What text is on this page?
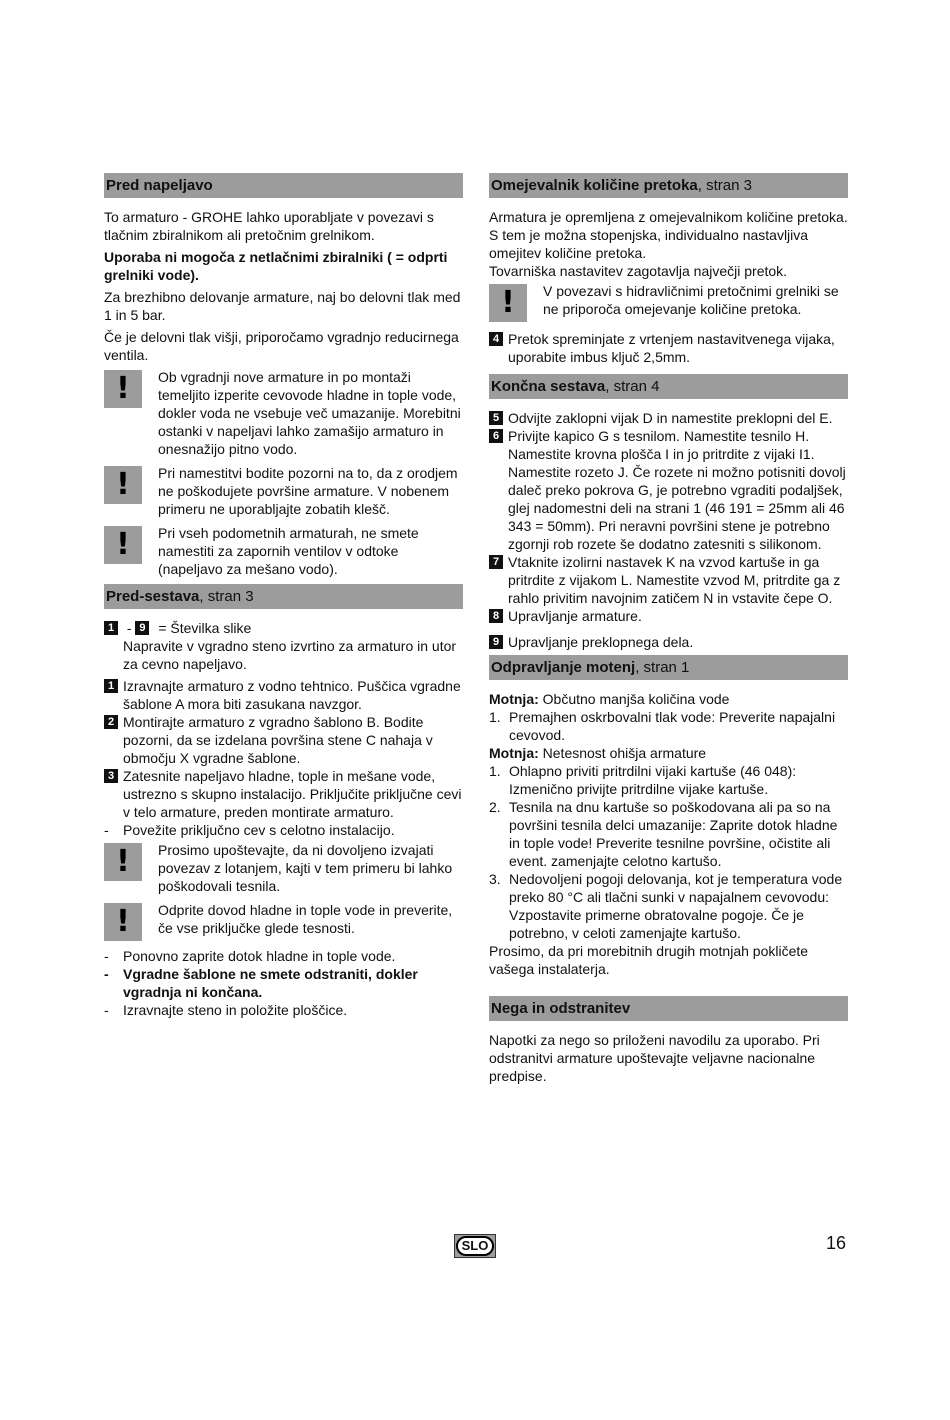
Pred napeljavo

To armaturo - GROHE lahko uporabljate v povezavi s tlačnim zbiralnikom ali pretočnim grelnikom.

Uporaba ni mogoča z netlačnimi zbiralniki ( = odprti grelniki vode).

Za brezhibno delovanje armature, naj bo delovni tlak med 1 in 5 bar.

Če je delovni tlak višji, priporočamo vgradnjo reducirnega ventila.

! Ob vgradnji nove armature in po montaži temeljito izperite cevovode hladne in tople vode, dokler voda ne vsebuje več umazanije. Morebitni ostanki v napeljavi lahko zamašijo armaturo in onesnažijo pitno vodo.
! Pri namestitvi bodite pozorni na to, da z orodjem ne poškodujete površine armature. V nobenem primeru ne uporabljajte zobatih klešč.
! Pri vseh podometnih armaturah, ne smete namestiti za zapornih ventilov v odtoke (napeljavo za mešano vodo).
Pred-sestava, stran 3
1 - 9 = Številka slike

Napravite v vgradno steno izvrtino za armaturo in utor za cevno napeljavo.

1 Izravnajte armaturo z vodno tehtnico. Puščica vgradne šablone A mora biti zasukana navzgor.
2 Montirajte armaturo z vgradno šablono B. Bodite pozorni, da se izdelana površina stene C nahaja v območju X vgradne šablone.
3 Zatesnite napeljavo hladne, tople in mešane vode, ustrezno s skupno instalacijo. Priključite priključne cevi v telo armature, preden montirate armaturo.
-	Povežite priključno cev s celotno instalacijo.
! Prosimo upoštevajte, da ni dovoljeno izvajati povezav z lotanjem, kajti v tem primeru bi lahko poškodovali tesnila.
! Odprite dovod hladne in tople vode in preverite, če vse priključke glede tesnosti.
-	Ponovno zaprite dotok hladne in tople vode.
-	Vgradne šablone ne smete odstraniti, dokler vgradnja ni končana.
-	Izravnajte steno in položite ploščice.
Omejevalnik količine pretoka, stran 3

Armatura je opremljena z omejevalnikom količine pretoka. S tem je možna stopenjska, individualno nastavljiva omejitev količine pretoka.

Tovarniška nastavitev zagotavlja največji pretok.

! V povezavi s hidravličnimi pretočnimi grelniki se ne priporoča omejevanje količine pretoka.
4 Pretok spreminjate z vrtenjem nastavitvenega vijaka, uporabite imbus ključ 2,5mm.
Končna sestava, stran 4
5 Odvijte zaklopni vijak D in namestite preklopni del E.
6 Privijte kapico G s tesnilom. Namestite tesnilo H. Namestite krovna plošča I in jo pritrdite z vijaki I1. Namestite rozeto J. Če rozete ni možno potisniti dovolj daleč preko pokrova G, je potrebno vgraditi podaljšek, glej nadomestni deli na strani 1 (46 191 = 25mm ali 46 343 = 50mm). Pri neravni površini stene je potrebno zgornji rob rozete še dodatno zatesniti s silikonom.
7 Vtaknite izolirni nastavek K na vzvod kartuše in ga pritrdite z vijakom L. Namestite vzvod M, pritrdite ga z rahlo privitim navojnim zatičem N in vstavite čepe O.
8 Upravljanje armature.
9 Upravljanje preklopnega dela.
Odpravljanje motenj, stran 1

Motnja: Občutno manjša količina vode

1. Premajhen oskrbovalni tlak vode: Preverite napajalni cevovod.

Motnja: Netesnost ohišja armature

1. Ohlapno priviti pritrdilni vijaki kartuše (46 048): Izmenično privijte pritrdilne vijake kartuše.
2. Tesnila na dnu kartuše so poškodovana ali pa so na površini tesnila delci umazanije: Zaprite dotok hladne in tople vode! Preverite tesnilne površine, očistite ali event. zamenjajte celotno kartušo.
3. Nedovoljeni pogoji delovanja, kot je temperatura vode preko 80 °C ali tlačni sunki v napajalnem cevovodu: Vzpostavite primerne obratovalne pogoje. Če je potrebno, v celoti zamenjajte kartušo.

Prosimo, da pri morebitnih drugih motnjah pokličete vašega instalaterja.

Nega in odstranitev

Napotki za nego so priloženi navodilu za uporabo. Pri odstranitvi armature upoštevajte veljavne nacionalne predpise.

SLO	16
